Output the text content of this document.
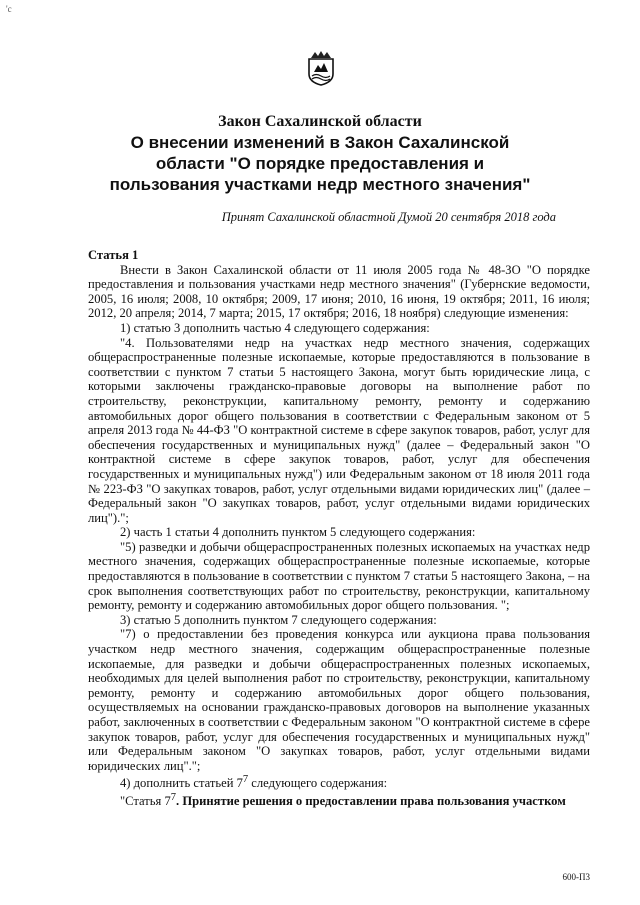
'с
Закон Сахалинской области
О внесении изменений в Закон Сахалинской
области "О порядке предоставления и
пользования участками недр местного значения"
Принят Сахалинской областной Думой 20 сентября 2018 года

Статья 1

Внести в Закон Сахалинской области от 11 июля 2005 года № 48-ЗО "О порядке предоставления и пользования участками недр местного значения" (Губернские ведомости, 2005, 16 июля; 2008, 10 октября; 2009, 17 июня; 2010, 16 июня, 19 октября; 2011, 16 июля; 2012, 20 апреля; 2014, 7 марта; 2015, 17 октября; 2016, 18 ноября) следующие изменения:

1) статью 3 дополнить частью 4 следующего содержания:

"4. Пользователями недр на участках недр местного значения, содержащих общераспространенные полезные ископаемые, которые предоставляются в пользование в соответствии с пунктом 7 статьи 5 настоящего Закона, могут быть юридические лица, с которыми заключены гражданско-правовые договоры на выполнение работ по строительству, реконструкции, капитальному ремонту, ремонту и содержанию автомобильных дорог общего пользования в соответствии с Федеральным законом от 5 апреля 2013 года № 44-ФЗ "О контрактной системе в сфере закупок товаров, работ, услуг для обеспечения государственных и муниципальных нужд" (далее – Федеральный закон "О контрактной системе в сфере закупок товаров, работ, услуг для обеспечения государственных и муниципальных нужд") или Федеральным законом от 18 июля 2011 года № 223-ФЗ "О закупках товаров, работ, услуг отдельными видами юридических лиц" (далее – Федеральный закон "О закупках товаров, работ, услуг отдельными видами юридических лиц").";

2) часть 1 статьи 4 дополнить пунктом 5 следующего содержания:

"5) разведки и добычи общераспространенных полезных ископаемых на участках недр местного значения, содержащих общераспространенные полезные ископаемые, которые предоставляются в пользование в соответствии с пунктом 7 статьи 5 настоящего Закона, – на срок выполнения соответствующих работ по строительству, реконструкции, капитальному ремонту, ремонту и содержанию автомобильных дорог общего пользования. ";

3) статью 5 дополнить пунктом 7 следующего содержания:

"7) о предоставлении без проведения конкурса или аукциона права пользования участком недр местного значения, содержащим общераспространенные полезные ископаемые, для разведки и добычи общераспространенных полезных ископаемых, необходимых для целей выполнения работ по строительству, реконструкции, капитальному ремонту, ремонту и содержанию автомобильных дорог общего пользования, осуществляемых на основании гражданско-правовых договоров на выполнение указанных работ, заключенных в соответствии с Федеральным законом "О контрактной системе в сфере закупок товаров, работ, услуг для обеспечения государственных и муниципальных нужд" или Федеральным законом "О закупках товаров, работ, услуг отдельными видами юридических лиц".";

4) дополнить статьей $7^7$ следующего содержания:

"Статья $7^7$. Принятие решения о предоставлении права пользования участком

600-П3
